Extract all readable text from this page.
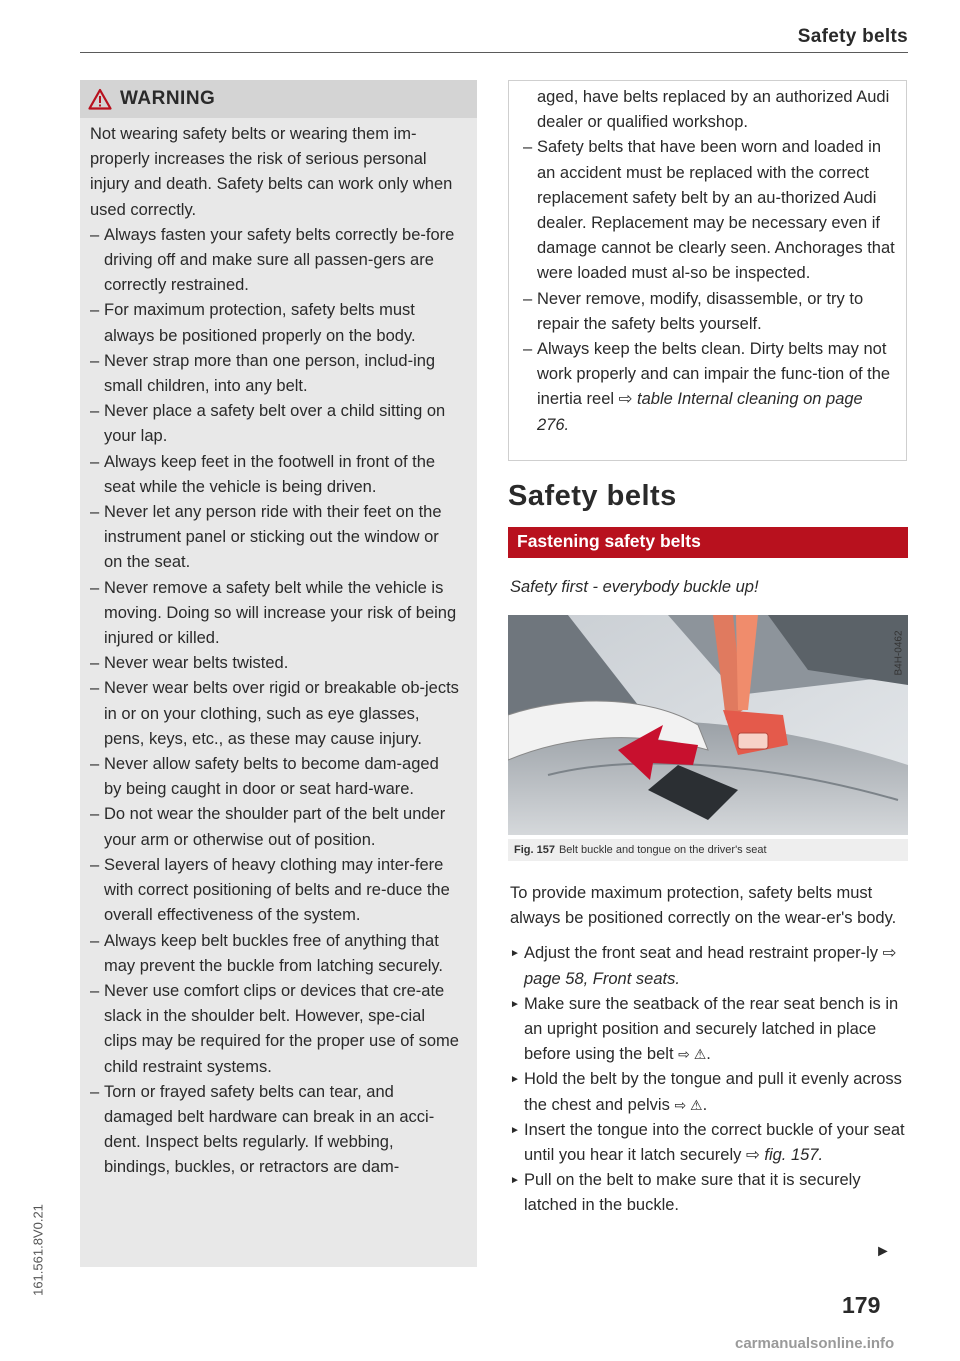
Safety belts
161.561.8V0.21
WARNING

Not wearing safety belts or wearing them im-properly increases the risk of serious personal injury and death. Safety belts can work only when used correctly.

– Always fasten your safety belts correctly be-fore driving off and make sure all passen-gers are correctly restrained.
– For maximum protection, safety belts must always be positioned properly on the body.
– Never strap more than one person, includ-ing small children, into any belt.
– Never place a safety belt over a child sitting on your lap.
– Always keep feet in the footwell in front of the seat while the vehicle is being driven.
– Never let any person ride with their feet on the instrument panel or sticking out the window or on the seat.
– Never remove a safety belt while the vehicle is moving. Doing so will increase your risk of being injured or killed.
– Never wear belts twisted.
– Never wear belts over rigid or breakable ob-jects in or on your clothing, such as eye glasses, pens, keys, etc., as these may cause injury.
– Never allow safety belts to become dam-aged by being caught in door or seat hard-ware.
– Do not wear the shoulder part of the belt under your arm or otherwise out of position.
– Several layers of heavy clothing may inter-fere with correct positioning of belts and re-duce the overall effectiveness of the system.
– Always keep belt buckles free of anything that may prevent the buckle from latching securely.
– Never use comfort clips or devices that cre-ate slack in the shoulder belt. However, spe-cial clips may be required for the proper use of some child restraint systems.
– Torn or frayed safety belts can tear, and damaged belt hardware can break in an acci-dent. Inspect belts regularly. If webbing, bindings, buckles, or retractors are dam-

aged, have belts replaced by an authorized Audi dealer or qualified workshop.

– Safety belts that have been worn and loaded in an accident must be replaced with the correct replacement safety belt by an au-thorized Audi dealer. Replacement may be necessary even if damage cannot be clearly seen. Anchorages that were loaded must al-so be inspected.
– Never remove, modify, disassemble, or try to repair the safety belts yourself.
– Always keep the belts clean. Dirty belts may not work properly and can impair the func-tion of the inertia reel ⇨ table Internal cleaning on page 276.
Safety belts
Fastening safety belts
Safety first - everybody buckle up!
B4H-0462
Fig. 157 Belt buckle and tongue on the driver's seat

To provide maximum protection, safety belts must always be positioned correctly on the wear-er's body.

► Adjust the front seat and head restraint proper-ly ⇨ page 58, Front seats.
► Make sure the seatback of the rear seat bench is in an upright position and securely latched in place before using the belt ⇨ ⚠.
► Hold the belt by the tongue and pull it evenly across the chest and pelvis ⇨ ⚠.
► Insert the tongue into the correct buckle of your seat until you hear it latch securely ⇨ fig. 157.
► Pull on the belt to make sure that it is securely latched in the buckle.
►
179
carmanualsonline.info
